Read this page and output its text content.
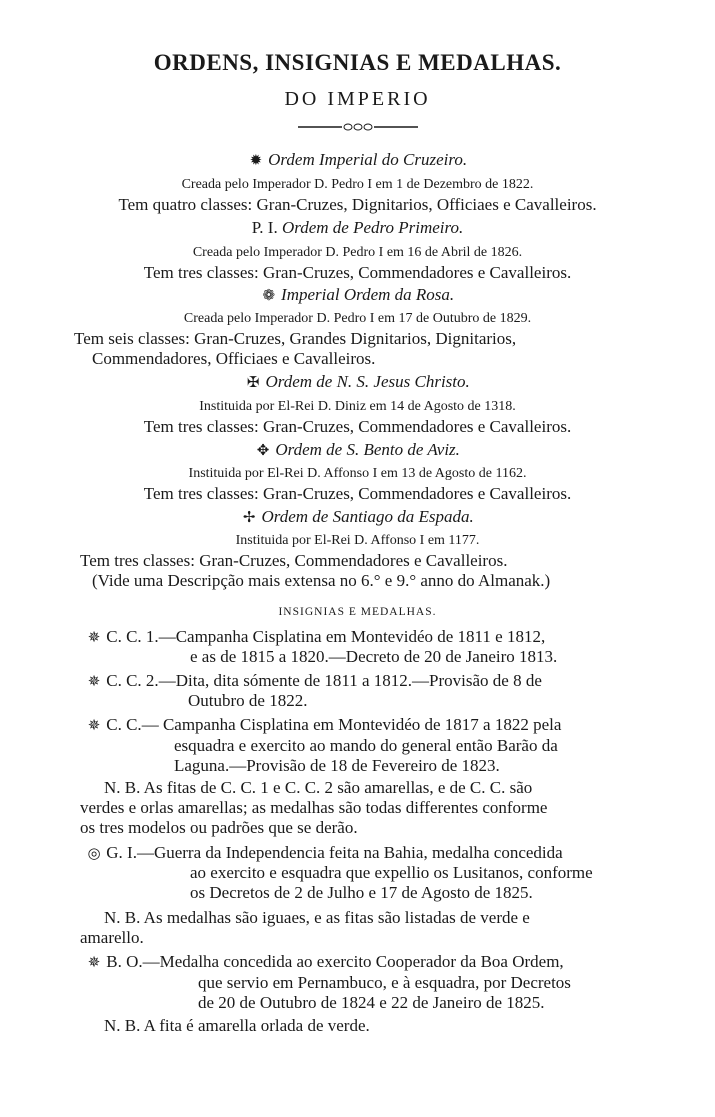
ORDENS, INSIGNIAS E MEDALHAS.
DO IMPERIO
✹ Ordem Imperial do Cruzeiro.
Creada pelo Imperador D. Pedro I em 1 de Dezembro de 1822.
Tem quatro classes: Gran-Cruzes, Dignitarios, Officiaes e Cavalleiros.
P. I. Ordem de Pedro Primeiro.
Creada pelo Imperador D. Pedro I em 16 de Abril de 1826.
Tem tres classes: Gran-Cruzes, Commendadores e Cavalleiros.
❁ Imperial Ordem da Rosa.
Creada pelo Imperador D. Pedro I em 17 de Outubro de 1829.
Tem seis classes: Gran-Cruzes, Grandes Dignitarios, Dignitarios,
Commendadores, Officiaes e Cavalleiros.
✠ Ordem de N. S. Jesus Christo.
Instituida por El-Rei D. Diniz em 14 de Agosto de 1318.
Tem tres classes: Gran-Cruzes, Commendadores e Cavalleiros.
✥ Ordem de S. Bento de Aviz.
Instituida por El-Rei D. Affonso I em 13 de Agosto de 1162.
Tem tres classes: Gran-Cruzes, Commendadores e Cavalleiros.
✢ Ordem de Santiago da Espada.
Instituida por El-Rei D. Affonso I em 1177.
Tem tres classes: Gran-Cruzes, Commendadores e Cavalleiros.
(Vide uma Descripção mais extensa no 6.° e 9.° anno do Almanak.)
INSIGNIAS E MEDALHAS.
✵ C. C. 1.—Campanha Cisplatina em Montevidéo de 1811 e 1812,
e as de 1815 a 1820.—Decreto de 20 de Janeiro 1813.
✵ C. C. 2.—Dita, dita sómente de 1811 a 1812.—Provisão de 8 de
Outubro de 1822.
✵ C. C.— Campanha Cisplatina em Montevidéo de 1817 a 1822 pela
esquadra e exercito ao mando do general então Barão da
Laguna.—Provisão de 18 de Fevereiro de 1823.
N. B. As fitas de C. C. 1 e C. C. 2 são amarellas, e de C. C. são
verdes e orlas amarellas; as medalhas são todas differentes conforme
os tres modelos ou padrões que se derão.
◎ G. I.—Guerra da Independencia feita na Bahia, medalha concedida
ao exercito e esquadra que expellio os Lusitanos, conforme
os Decretos de 2 de Julho e 17 de Agosto de 1825.
N. B. As medalhas são iguaes, e as fitas são listadas de verde e
amarello.
✵ B. O.—Medalha concedida ao exercito Cooperador da Boa Ordem,
que servio em Pernambuco, e à esquadra, por Decretos
de 20 de Outubro de 1824 e 22 de Janeiro de 1825.
N. B. A fita é amarella orlada de verde.
